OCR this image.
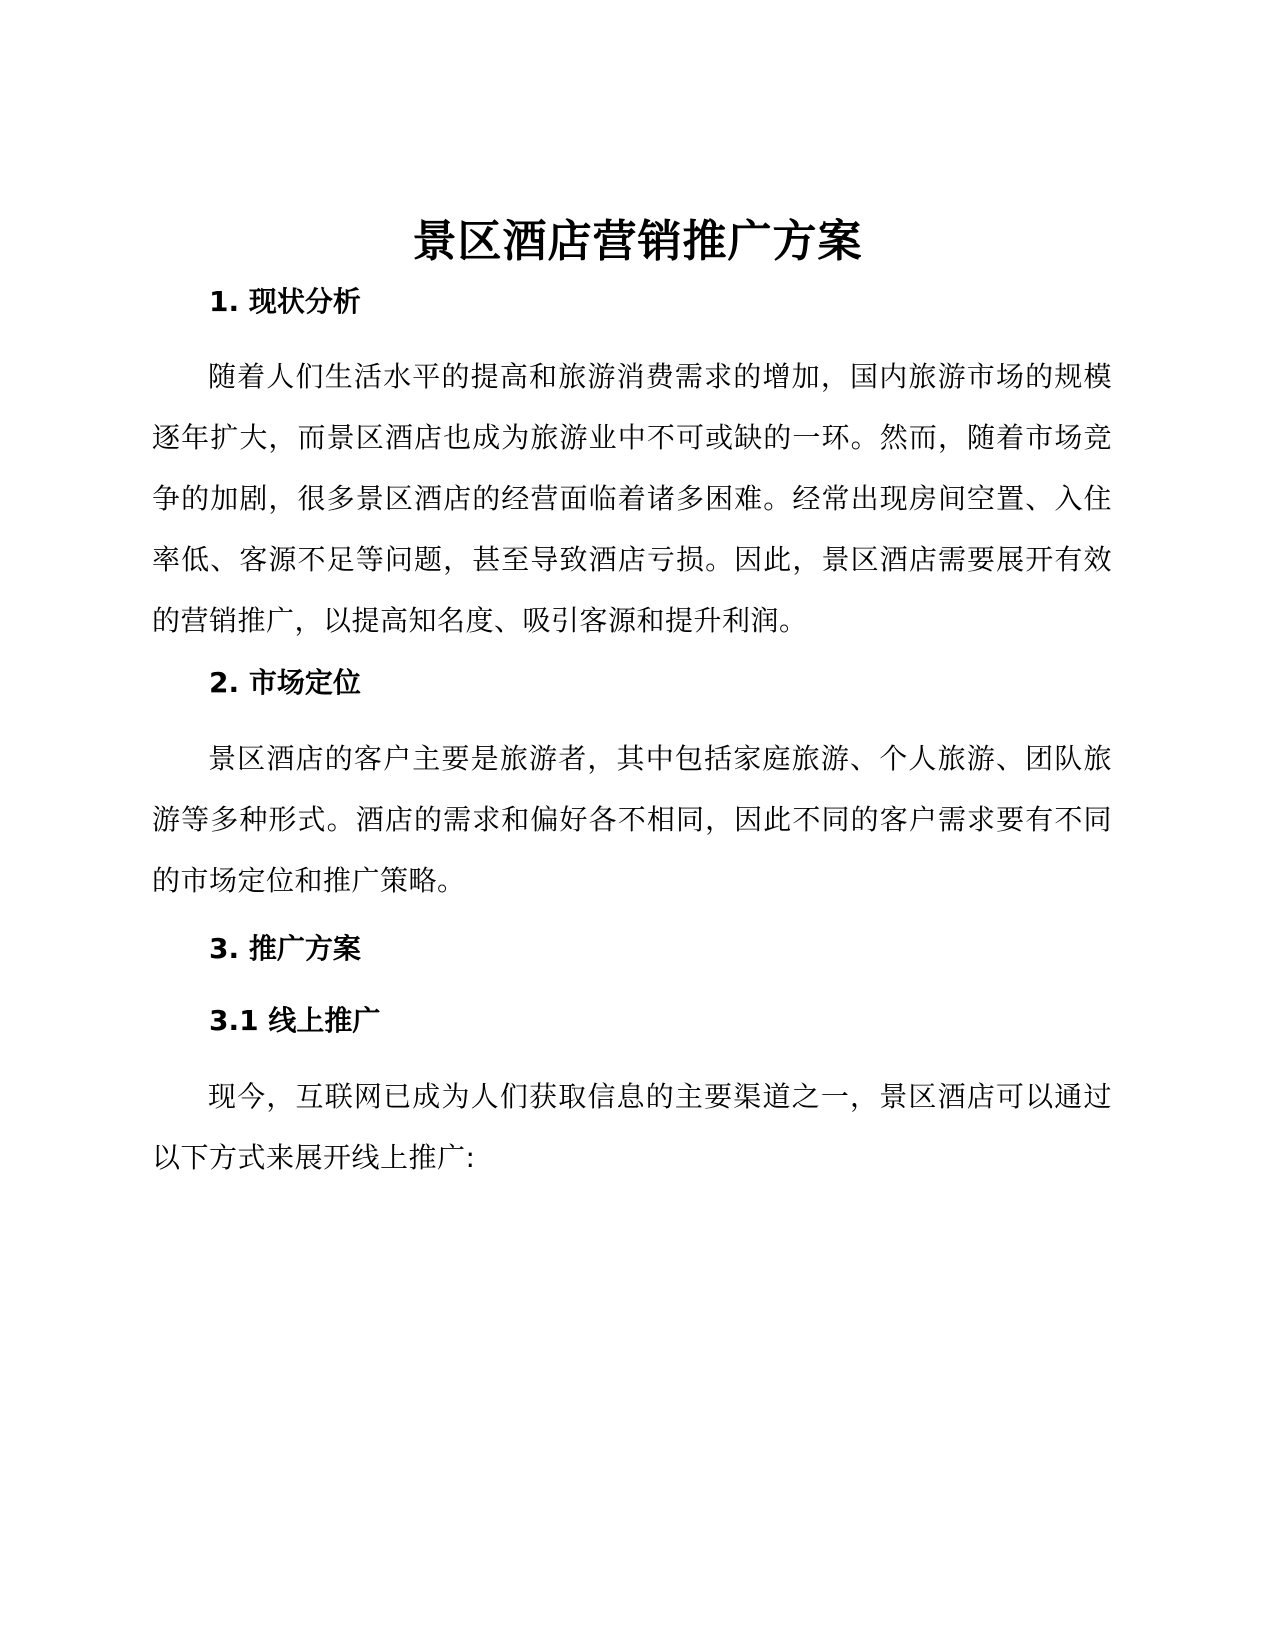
景区酒店营销推广方案
1. 现状分析

随着人们生活水平的提高和旅游消费需求的增加，国内旅游市场的规模逐年扩大，而景区酒店也成为旅游业中不可或缺的一环。然而，随着市场竞争的加剧，很多景区酒店的经营面临着诸多困难。经常出现房间空置、入住率低、客源不足等问题，甚至导致酒店亏损。因此，景区酒店需要展开有效的营销推广，以提高知名度、吸引客源和提升利润。

2. 市场定位

景区酒店的客户主要是旅游者，其中包括家庭旅游、个人旅游、团队旅游等多种形式。酒店的需求和偏好各不相同，因此不同的客户需求要有不同的市场定位和推广策略。

3. 推广方案
3.1 线上推广

现今，互联网已成为人们获取信息的主要渠道之一，景区酒店可以通过以下方式来展开线上推广:
